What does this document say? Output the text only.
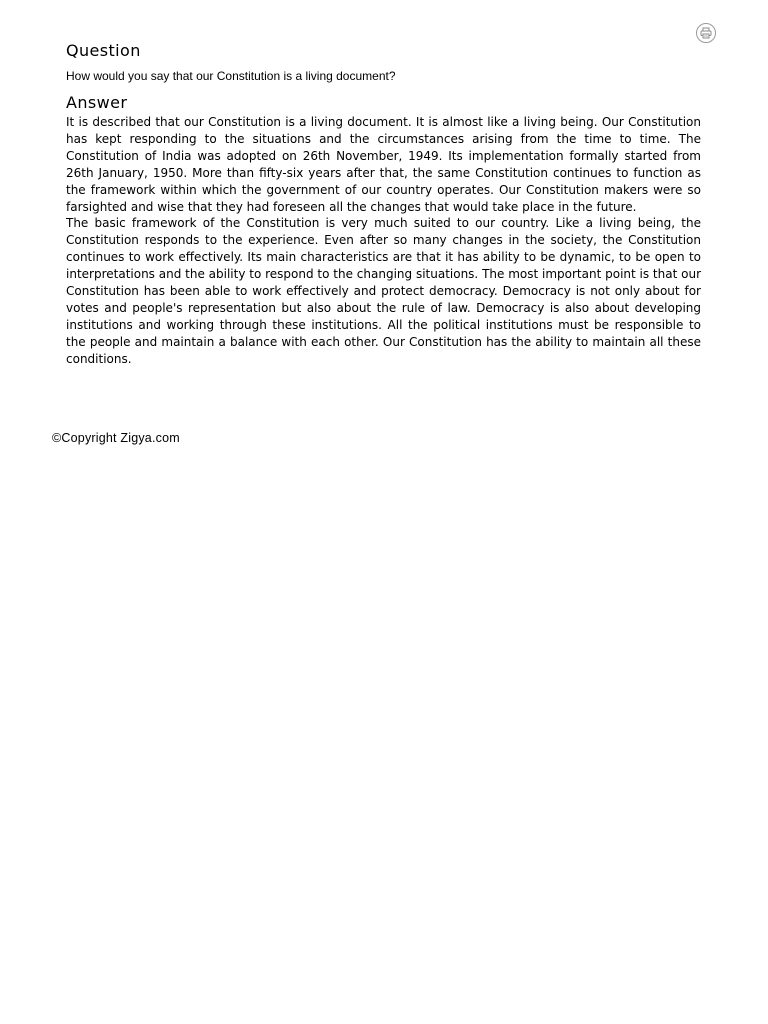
Question

How would you say that our Constitution is a living document?

Answer

It is described that our Constitution is a living document. It is almost like a living being. Our Constitution has kept responding to the situations and the circumstances arising from the time to time. The Constitution of India was adopted on 26th November, 1949. Its implementation formally started from 26th January, 1950. More than fifty-six years after that, the same Constitution continues to function as the framework within which the government of our country operates. Our Constitution makers were so farsighted and wise that they had foreseen all the changes that would take place in the future.

The basic framework of the Constitution is very much suited to our country. Like a living being, the Constitution responds to the experience. Even after so many changes in the society, the Constitution continues to work effectively. Its main characteristics are that it has ability to be dynamic, to be open to interpretations and the ability to respond to the changing situations. The most important point is that our Constitution has been able to work effectively and protect democracy. Democracy is not only about for votes and people's representation but also about the rule of law. Democracy is also about developing institutions and working through these institutions. All the political institutions must be responsible to the people and maintain a balance with each other. Our Constitution has the ability to maintain all these conditions.

©Copyright Zigya.com
